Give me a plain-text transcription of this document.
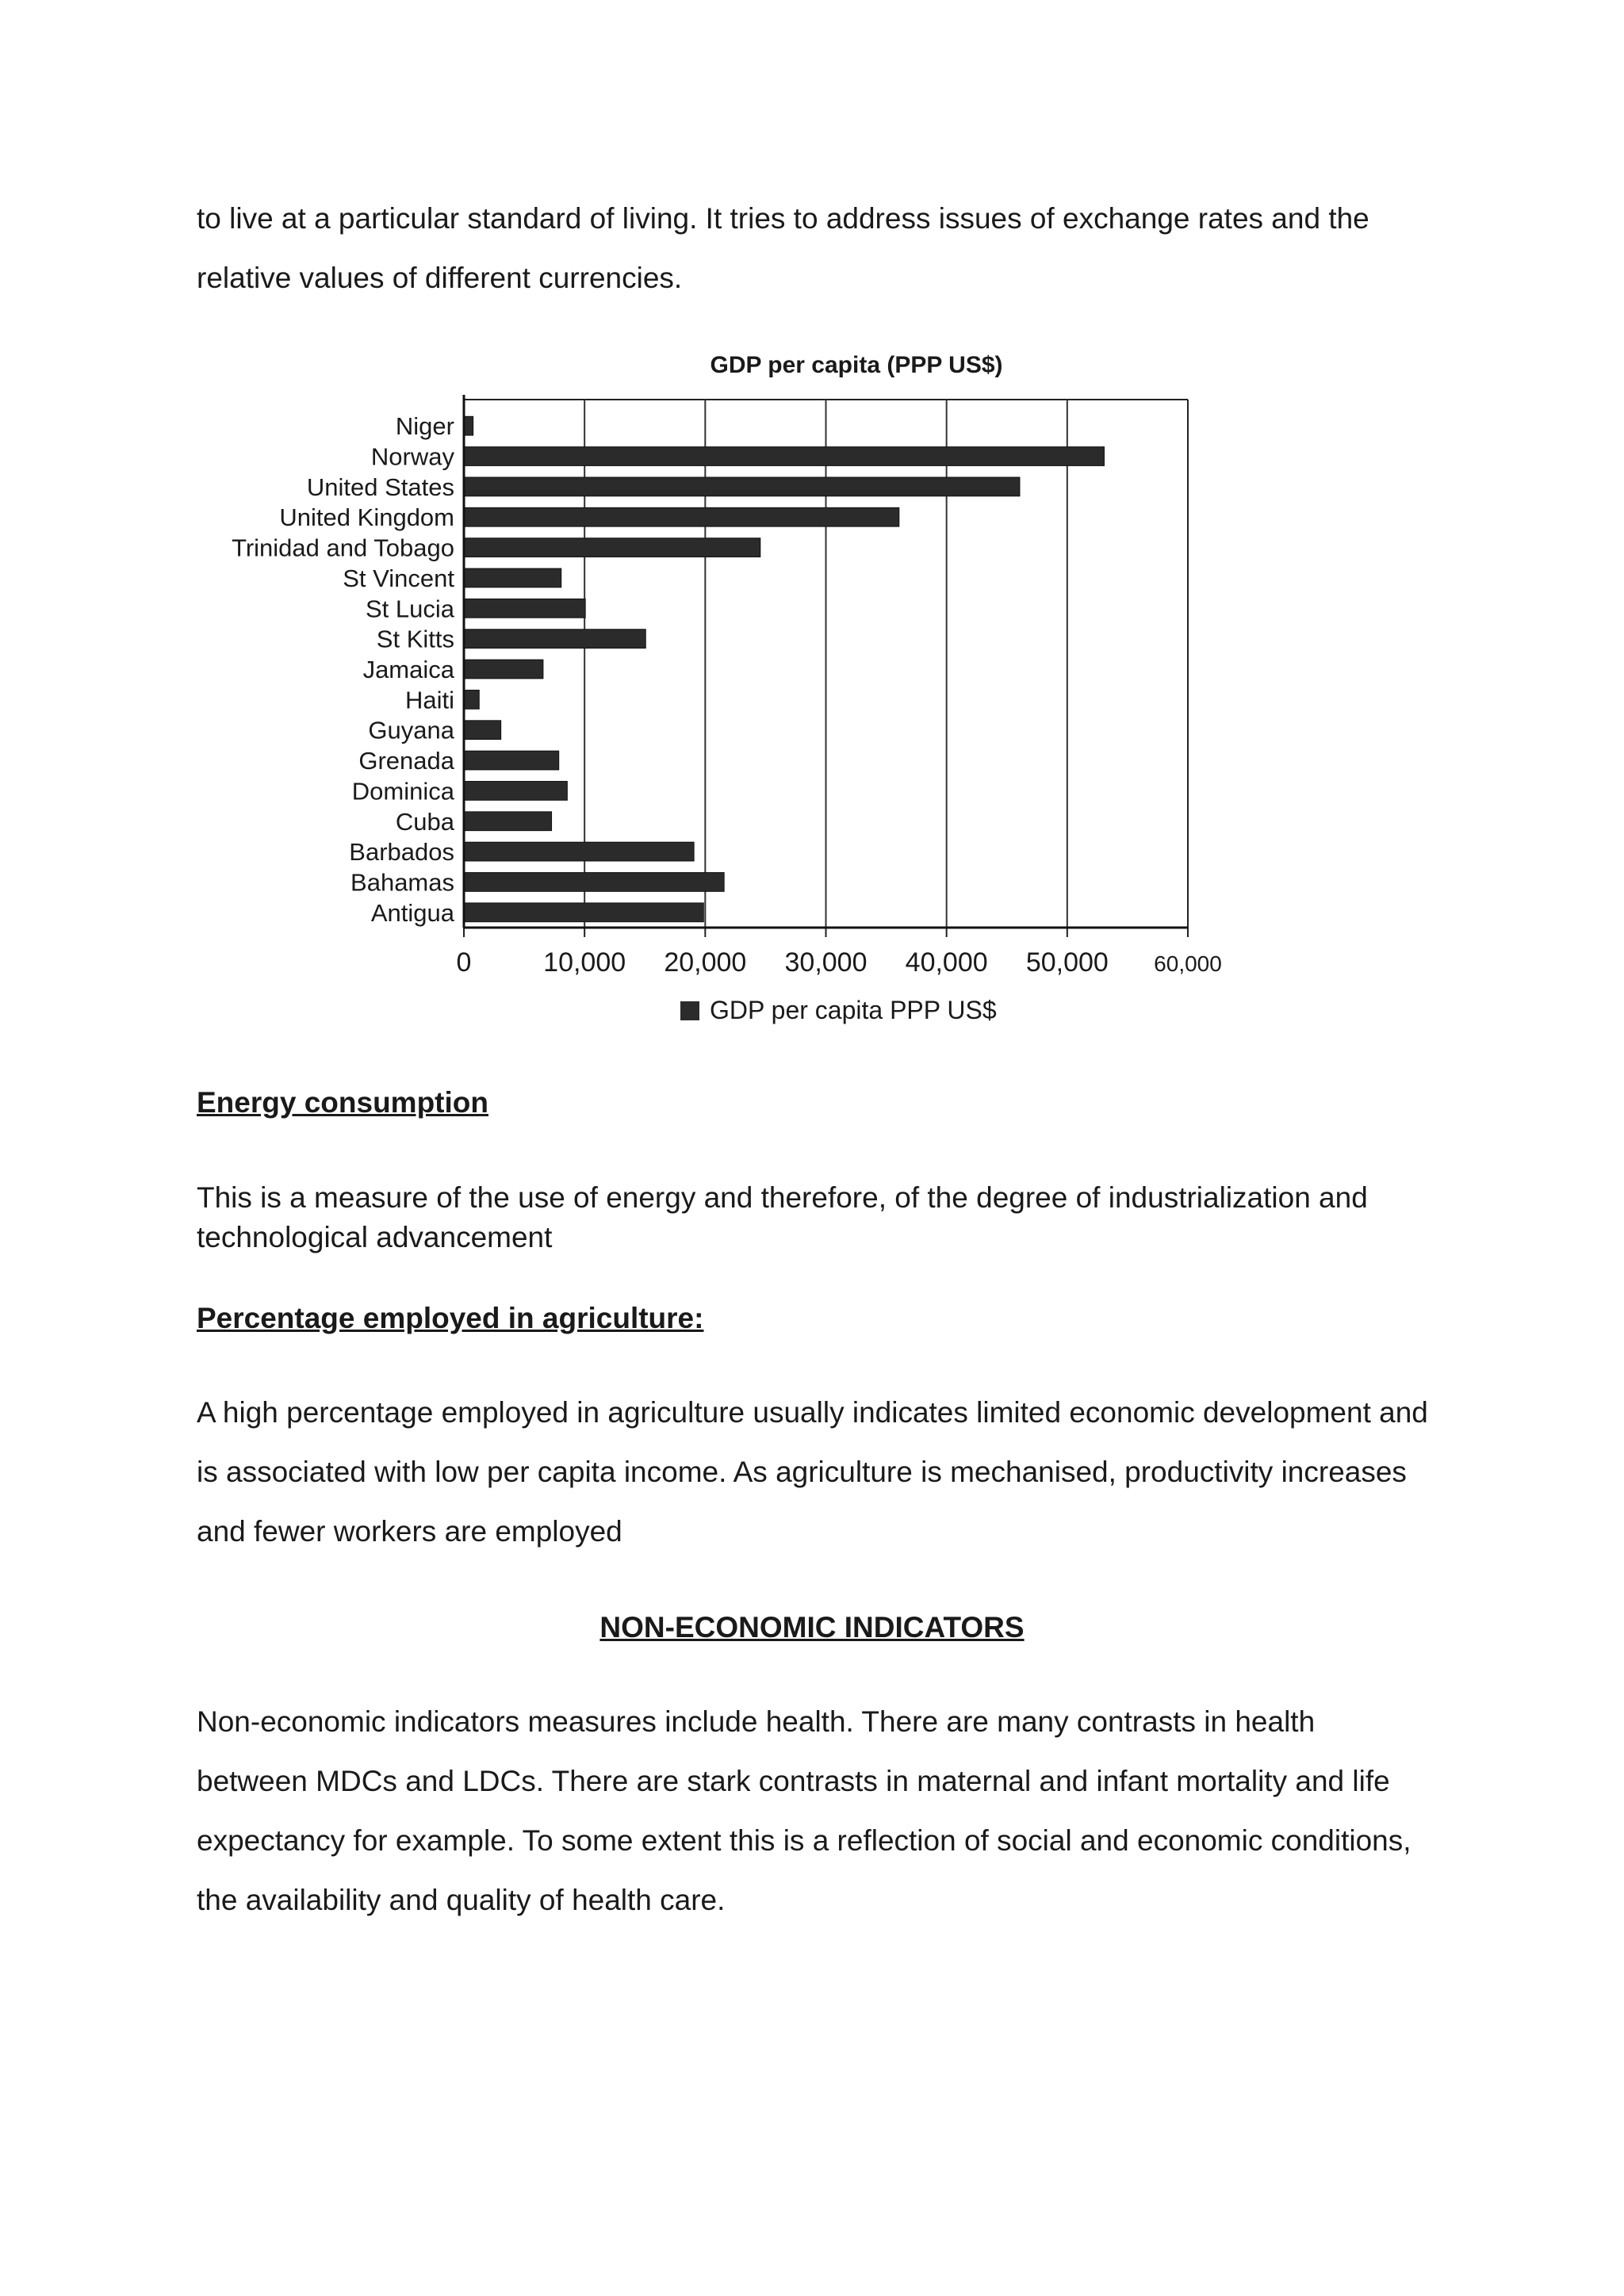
to live at a particular standard of living. It tries to address issues of exchange rates and the relative values of different currencies.

GDP per capita (PPP US$)
Niger
Norway
United States
United Kingdom
Trinidad and Tobago
St Vincent
St Lucia
St Kitts
Jamaica
Haiti
Guyana
Grenada
Dominica
Cuba
Barbados
Bahamas
Antigua
0	10,000 20,000 30,000 40,000 50,000 60,000
GDP per capita PPP US$
Energy consumption

This is a measure of the use of energy and therefore, of the degree of industrialization and technological advancement

Percentage employed in agriculture:

A high percentage employed in agriculture usually indicates limited economic development and is associated with low per capita income. As agriculture is mechanised, productivity increases and fewer workers are employed

NON-ECONOMIC INDICATORS

Non-economic indicators measures include health. There are many contrasts in health between MDCs and LDCs. There are stark contrasts in maternal and infant mortality and life expectancy for example. To some extent this is a reflection of social and economic conditions, the availability and quality of health care.
